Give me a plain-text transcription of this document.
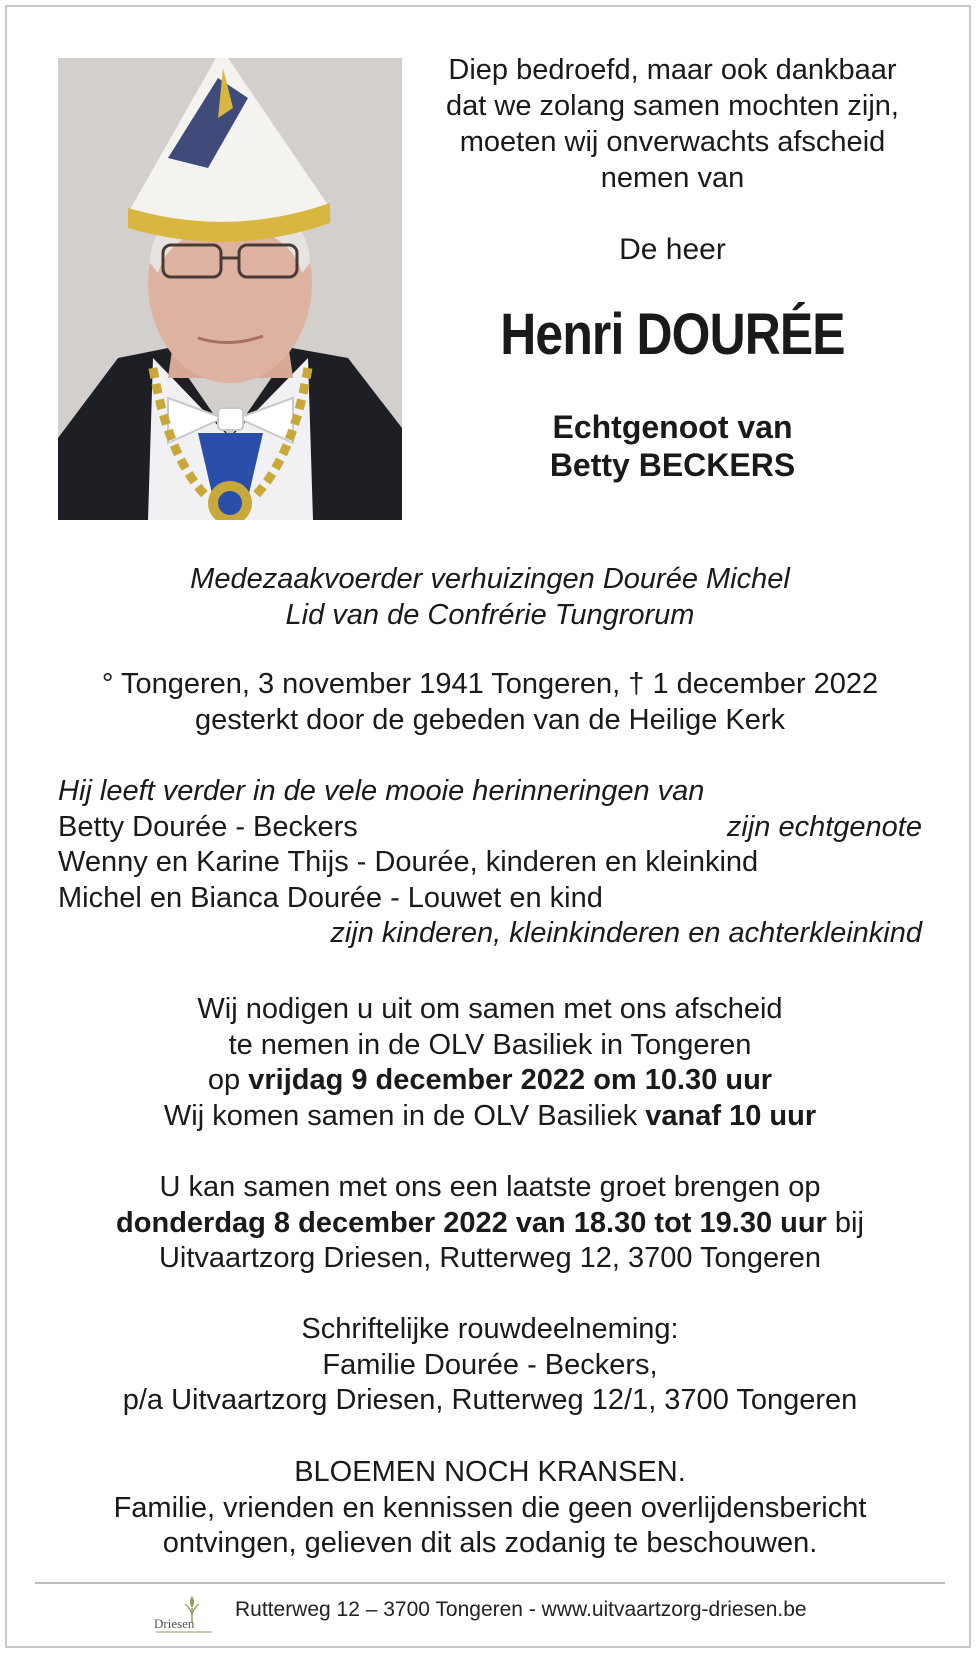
Diep bedroefd, maar ook dankbaar
dat we zolang samen mochten zijn,
moeten wij onverwachts afscheid
nemen van
De heer
Henri DOURÉE
Echtgenoot van
Betty BECKERS
Medezaakvoerder verhuizingen Dourée Michel
Lid van de Confrérie Tungrorum
° Tongeren, 3 november 1941 Tongeren, † 1 december 2022
gesterkt door de gebeden van de Heilige Kerk
Hij leeft verder in de vele mooie herinneringen van
Betty Dourée - Beckers	zijn echtgenote
Wenny en Karine Thijs - Dourée, kinderen en kleinkind
Michel en Bianca Dourée - Louwet en kind
zijn kinderen, kleinkinderen en achterkleinkind
Wij nodigen u uit om samen met ons afscheid
te nemen in de OLV Basiliek in Tongeren
op vrijdag 9 december 2022 om 10.30 uur
Wij komen samen in de OLV Basiliek vanaf 10 uur
U kan samen met ons een laatste groet brengen op
donderdag 8 december 2022 van 18.30 tot 19.30 uur bij
Uitvaartzorg Driesen, Rutterweg 12, 3700 Tongeren
Schriftelijke rouwdeelneming:
Familie Dourée - Beckers,
p/a Uitvaartzorg Driesen, Rutterweg 12/1, 3700 Tongeren
BLOEMEN NOCH KRANSEN.
Familie, vrienden en kennissen die geen overlijdensbericht
ontvingen, gelieven dit als zodanig te beschouwen.
Driesen
Rutterweg 12 – 3700 Tongeren - www.uitvaartzorg-driesen.be
